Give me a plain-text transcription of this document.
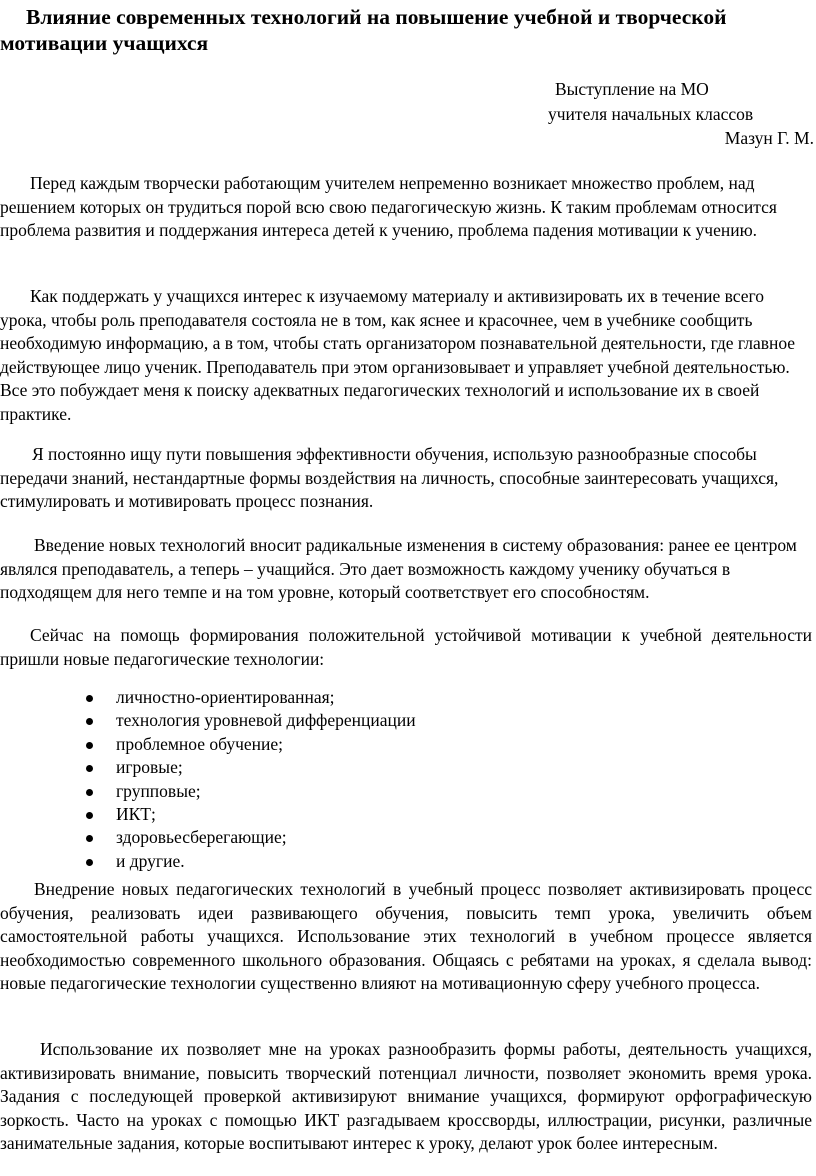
Влияние современных технологий на повышение учебной и творческой мотивации учащихся

Выступление на МО

учителя начальных классов

Мазун Г. М.

Перед каждым творчески работающим учителем непременно возникает множество проблем, над решением которых он трудиться порой всю свою педагогическую жизнь. К таким проблемам относится проблема развития и поддержания интереса детей к учению, проблема падения мотивации к учению.

Как поддержать у учащихся интерес к изучаемому материалу и активизировать их в течение всего урока, чтобы роль преподавателя состояла не в том, как яснее и красочнее, чем в учебнике сообщить необходимую информацию, а в том, чтобы стать организатором познавательной деятельности, где главное действующее лицо ученик. Преподаватель при этом организовывает и управляет учебной деятельностью. Все это побуждает меня к поиску адекватных педагогических технологий и использование их в своей практике.

Я постоянно ищу пути повышения эффективности обучения, использую разнообразные способы передачи знаний, нестандартные формы воздействия на личность, способные заинтересовать учащихся, стимулировать и мотивировать процесс познания.

Введение новых технологий вносит радикальные изменения в систему образования: ранее ее центром являлся преподаватель, а теперь – учащийся. Это дает возможность каждому ученику обучаться в подходящем для него темпе и на том уровне, который соответствует его способностям.

Сейчас на помощь формирования положительной устойчивой мотивации к учебной деятельности пришли новые педагогические технологии:

личностно-ориентированная;
технология уровневой дифференциации
проблемное обучение;
игровые;
групповые;
ИКТ;
здоровьесберегающие;
и другие.

Внедрение новых педагогических технологий в учебный процесс позволяет активизировать процесс обучения, реализовать идеи развивающего обучения, повысить темп урока, увеличить объем самостоятельной работы учащихся. Использование этих технологий в учебном процессе является необходимостью современного школьного образования. Общаясь с ребятами на уроках, я сделала вывод: новые педагогические технологии существенно влияют на мотивационную сферу учебного процесса.

Использование их позволяет мне на уроках разнообразить формы работы, деятельность учащихся, активизировать внимание, повысить творческий потенциал личности, позволяет экономить время урока. Задания с последующей проверкой активизируют внимание учащихся, формируют орфографическую зоркость. Часто на уроках с помощью ИКТ разгадываем кроссворды, иллюстрации, рисунки, различные занимательные задания, которые воспитывают интерес к уроку, делают урок более интересным.
